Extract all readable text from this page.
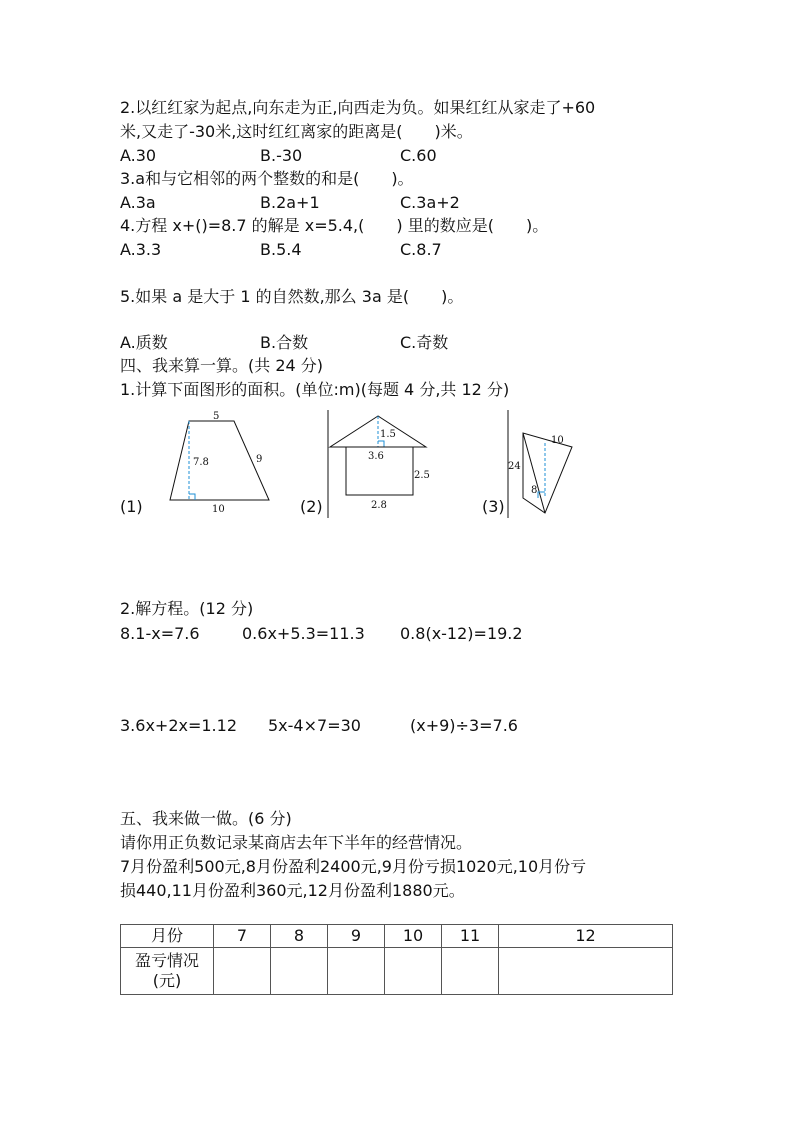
2.以红红家为起点,向东走为正,向西走为负。如果红红从家走了+60
米,又走了-30米,这时红红离家的距离是(　　)米。
A.30	B.-30	C.60
3.a和与它相邻的两个整数的和是(　　)。
A.3a	B.2a+1	C.3a+2
4.方程 x+()=8.7 的解是 x=5.4,(　　) 里的数应是(　　)。
A.3.3	B.5.4	C.8.7
5.如果 a 是大于 1 的自然数,那么 3a 是(　　)。
A.质数	B.合数	C.奇数
四、我来算一算。(共 24 分)
1.计算下面图形的面积。(单位:m)(每题 4 分,共 12 分)
(1)	(2)	(3)
5
7.8	9
10
1.5
3.6
2.5
2.8
10
24
8
2.解方程。(12 分)
8.1-x=7.6	0.6x+5.3=11.3 0.8(x-12)=19.2
3.6x+2x=1.12 5x-4×7=30	(x+9)÷3=7.6
五、我来做一做。(6 分)
请你用正负数记录某商店去年下半年的经营情况。
7月份盈利500元,8月份盈利2400元,9月份亏损1020元,10月份亏
损440,11月份盈利360元,12月份盈利1880元。
月份	7	8	9	10	11	12

盈亏情况
(元)						
